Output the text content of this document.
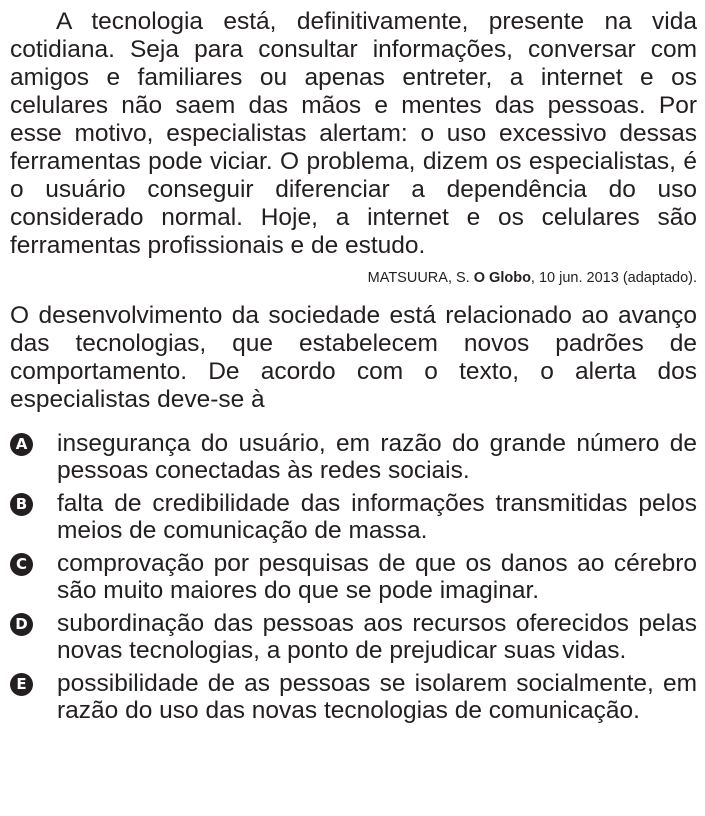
A tecnologia está, definitivamente, presente na vida cotidiana. Seja para consultar informações, conversar com amigos e familiares ou apenas entreter, a internet e os celulares não saem das mãos e mentes das pessoas. Por esse motivo, especialistas alertam: o uso excessivo dessas ferramentas pode viciar. O problema, dizem os especialistas, é o usuário conseguir diferenciar a dependência do uso considerado normal. Hoje, a internet e os celulares são ferramentas profissionais e de estudo.

MATSUURA, S. O Globo, 10 jun. 2013 (adaptado).

O desenvolvimento da sociedade está relacionado ao avanço das tecnologias, que estabelecem novos padrões de comportamento. De acordo com o texto, o alerta dos especialistas deve-se à

A insegurança do usuário, em razão do grande número de pessoas conectadas às redes sociais.
B falta de credibilidade das informações transmitidas pelos meios de comunicação de massa.
C comprovação por pesquisas de que os danos ao cérebro são muito maiores do que se pode imaginar.
D subordinação das pessoas aos recursos oferecidos pelas novas tecnologias, a ponto de prejudicar suas vidas.
E possibilidade de as pessoas se isolarem socialmente, em razão do uso das novas tecnologias de comunicação.
